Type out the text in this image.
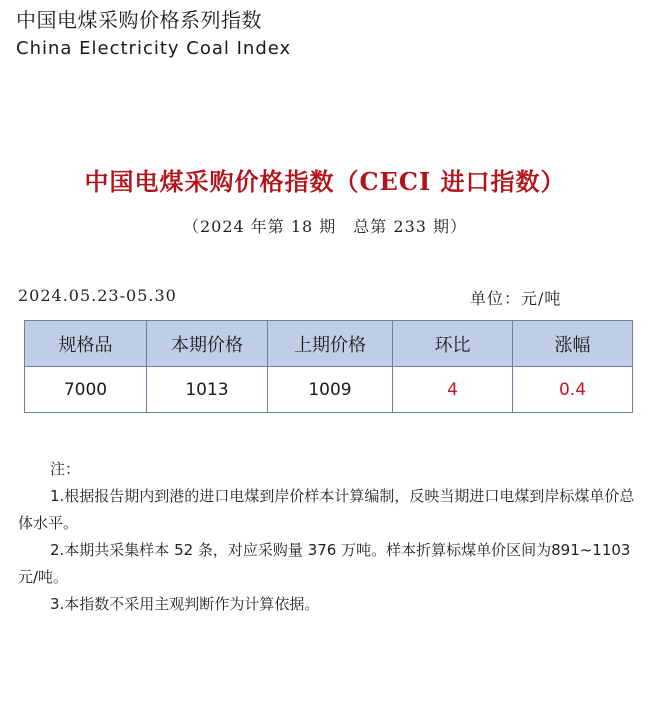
中国电煤采购价格系列指数
China Electricity Coal Index
中国电煤采购价格指数（CECI 进口指数）
（2024 年第 18 期　总第 233 期）
2024.05.23-05.30	单位：元/吨
规格品	本期价格	上期价格	环比	涨幅
7000	1013	1009	4	0.4

注：

1.根据报告期内到港的进口电煤到岸价样本计算编制，反映当期进口电煤到岸标煤单价总体水平。

2.本期共采集样本 52 条，对应采购量 376 万吨。样本折算标煤单价区间为891~1103 元/吨。

3.本指数不采用主观判断作为计算依据。
